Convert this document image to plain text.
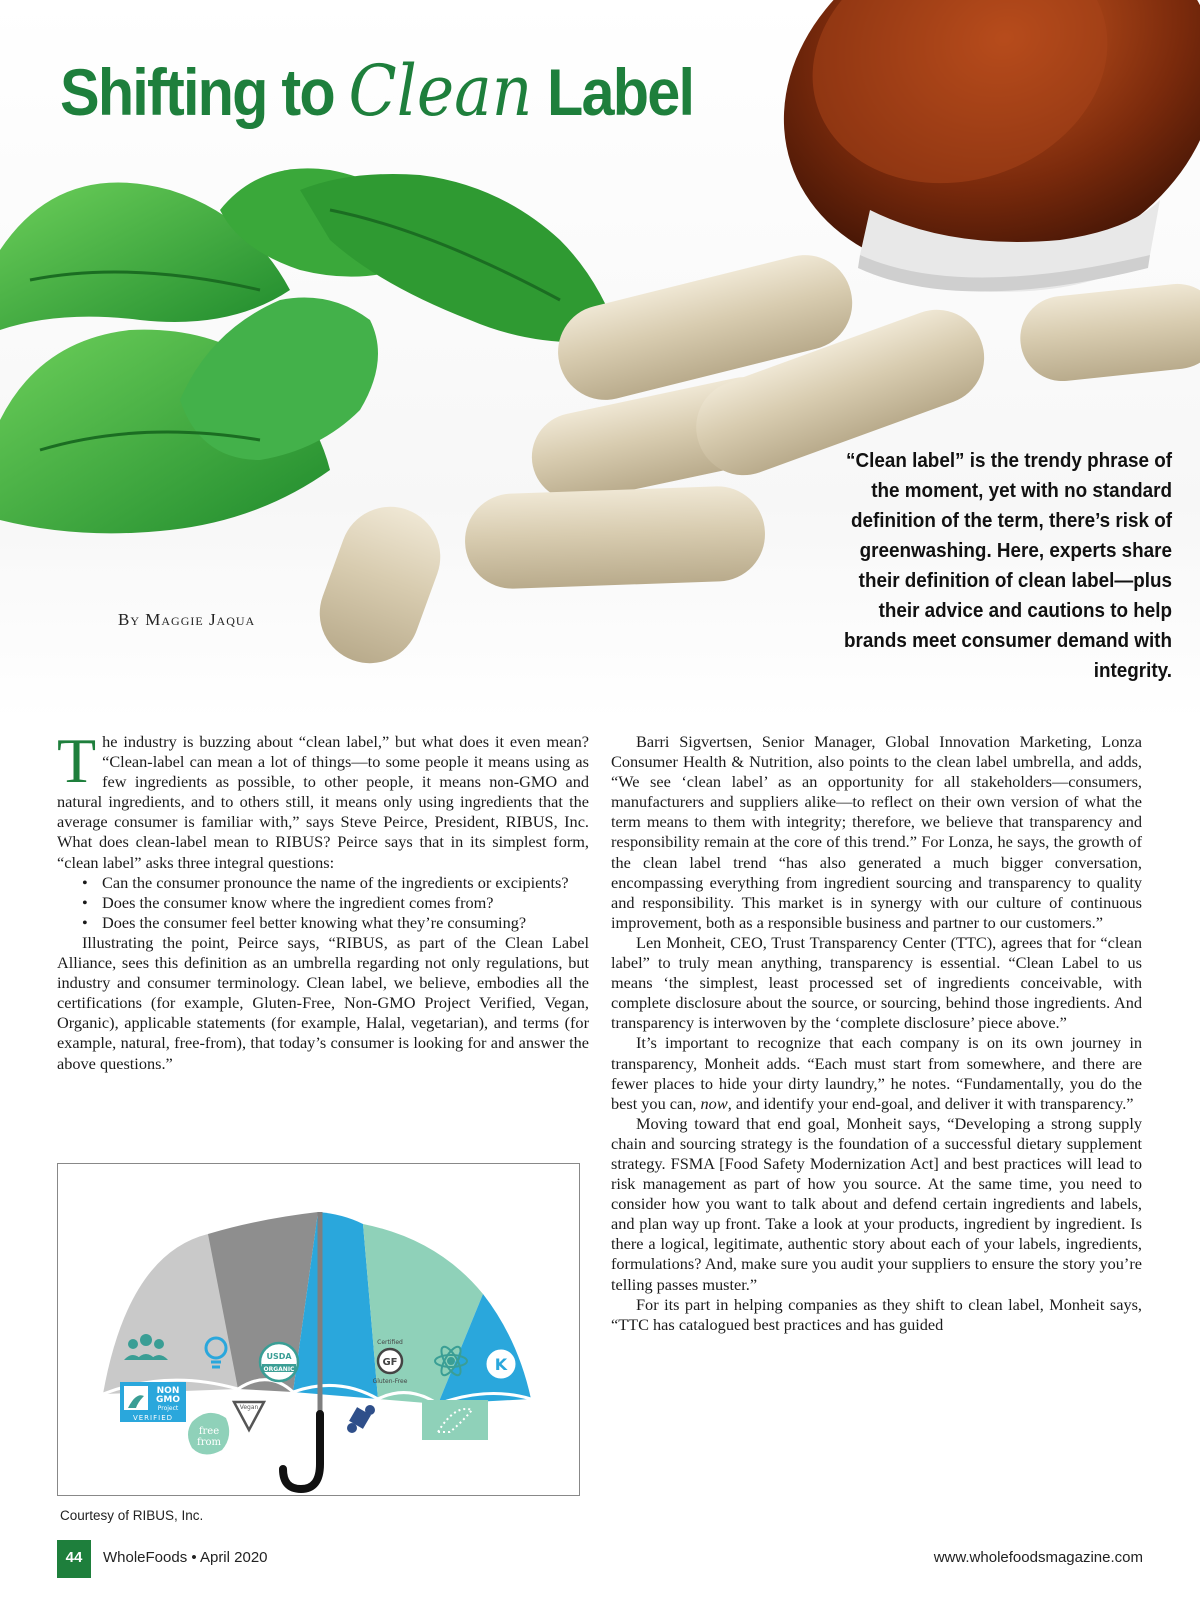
Shifting to Clean Label
By Maggie Jaqua
“Clean label” is the trendy phrase of the moment, yet with no standard definition of the term, there’s risk of greenwashing. Here, experts share their definition of clean label—plus their advice and cautions to help brands meet consumer demand with integrity.

The industry is buzzing about “clean label,” but what does it even mean? “Clean-label can mean a lot of things—to some people it means using as few ingredients as possible, to other people, it means non-GMO and natural ingredients, and to others still, it means only using ingredients that the average consumer is familiar with,” says Steve Peirce, President, RIBUS, Inc. What does clean-label mean to RIBUS? Peirce says that in its simplest form, “clean label” asks three integral questions:

• Can the consumer pronounce the name of the ingredients or excipients?
• Does the consumer know where the ingredient comes from?
• Does the consumer feel better knowing what they’re consuming?

Illustrating the point, Peirce says, “RIBUS, as part of the Clean Label Alliance, sees this definition as an umbrella regarding not only regulations, but industry and consumer terminology. Clean label, we believe, embodies all the certifications (for example, Gluten-Free, Non-GMO Project Verified, Vegan, Organic), applicable statements (for example, Halal, vegetarian), and terms (for example, natural, free-from), that today’s consumer is looking for and answer the above questions.”

USDA
ORGANIC
Certified
GF
Gluten-Free
K
NON
GMO
Project
VERIFIED
free
from
Vegan
Courtesy of RIBUS, Inc.

Barri Sigvertsen, Senior Manager, Global Innovation Marketing, Lonza Consumer Health & Nutrition, also points to the clean label umbrella, and adds, “We see ‘clean label’ as an opportunity for all stakeholders—consumers, manufacturers and suppliers alike—to reflect on their own version of what the term means to them with integrity; therefore, we believe that transparency and responsibility remain at the core of this trend.” For Lonza, he says, the growth of the clean label trend “has also generated a much bigger conversation, encompassing everything from ingredient sourcing and transparency to quality and responsibility. This market is in synergy with our culture of continuous improvement, both as a responsible business and partner to our customers.”

Len Monheit, CEO, Trust Transparency Center (TTC), agrees that for “clean label” to truly mean anything, transparency is essential. “Clean Label to us means ‘the simplest, least processed set of ingredients conceivable, with complete disclosure about the source, or sourcing, behind those ingredients. And transparency is interwoven by the ‘complete disclosure’ piece above.”

It’s important to recognize that each company is on its own journey in transparency, Monheit adds. “Each must start from somewhere, and there are fewer places to hide your dirty laundry,” he notes. “Fundamentally, you do the best you can, now, and identify your end-goal, and deliver it with transparency.”

Moving toward that end goal, Monheit says, “Developing a strong supply chain and sourcing strategy is the foundation of a successful dietary supplement strategy. FSMA [Food Safety Modernization Act] and best practices will lead to risk management as part of how you source. At the same time, you need to consider how you want to talk about and defend certain ingredients and labels, and plan way up front. Take a look at your products, ingredient by ingredient. Is there a logical, legitimate, authentic story about each of your labels, ingredients, formulations? And, make sure you audit your suppliers to ensure the story you’re telling passes muster.”

For its part in helping companies as they shift to clean label, Monheit says, “TTC has catalogued best practices and has guided

44	WholeFoods • April 2020	www.wholefoodsmagazine.com
